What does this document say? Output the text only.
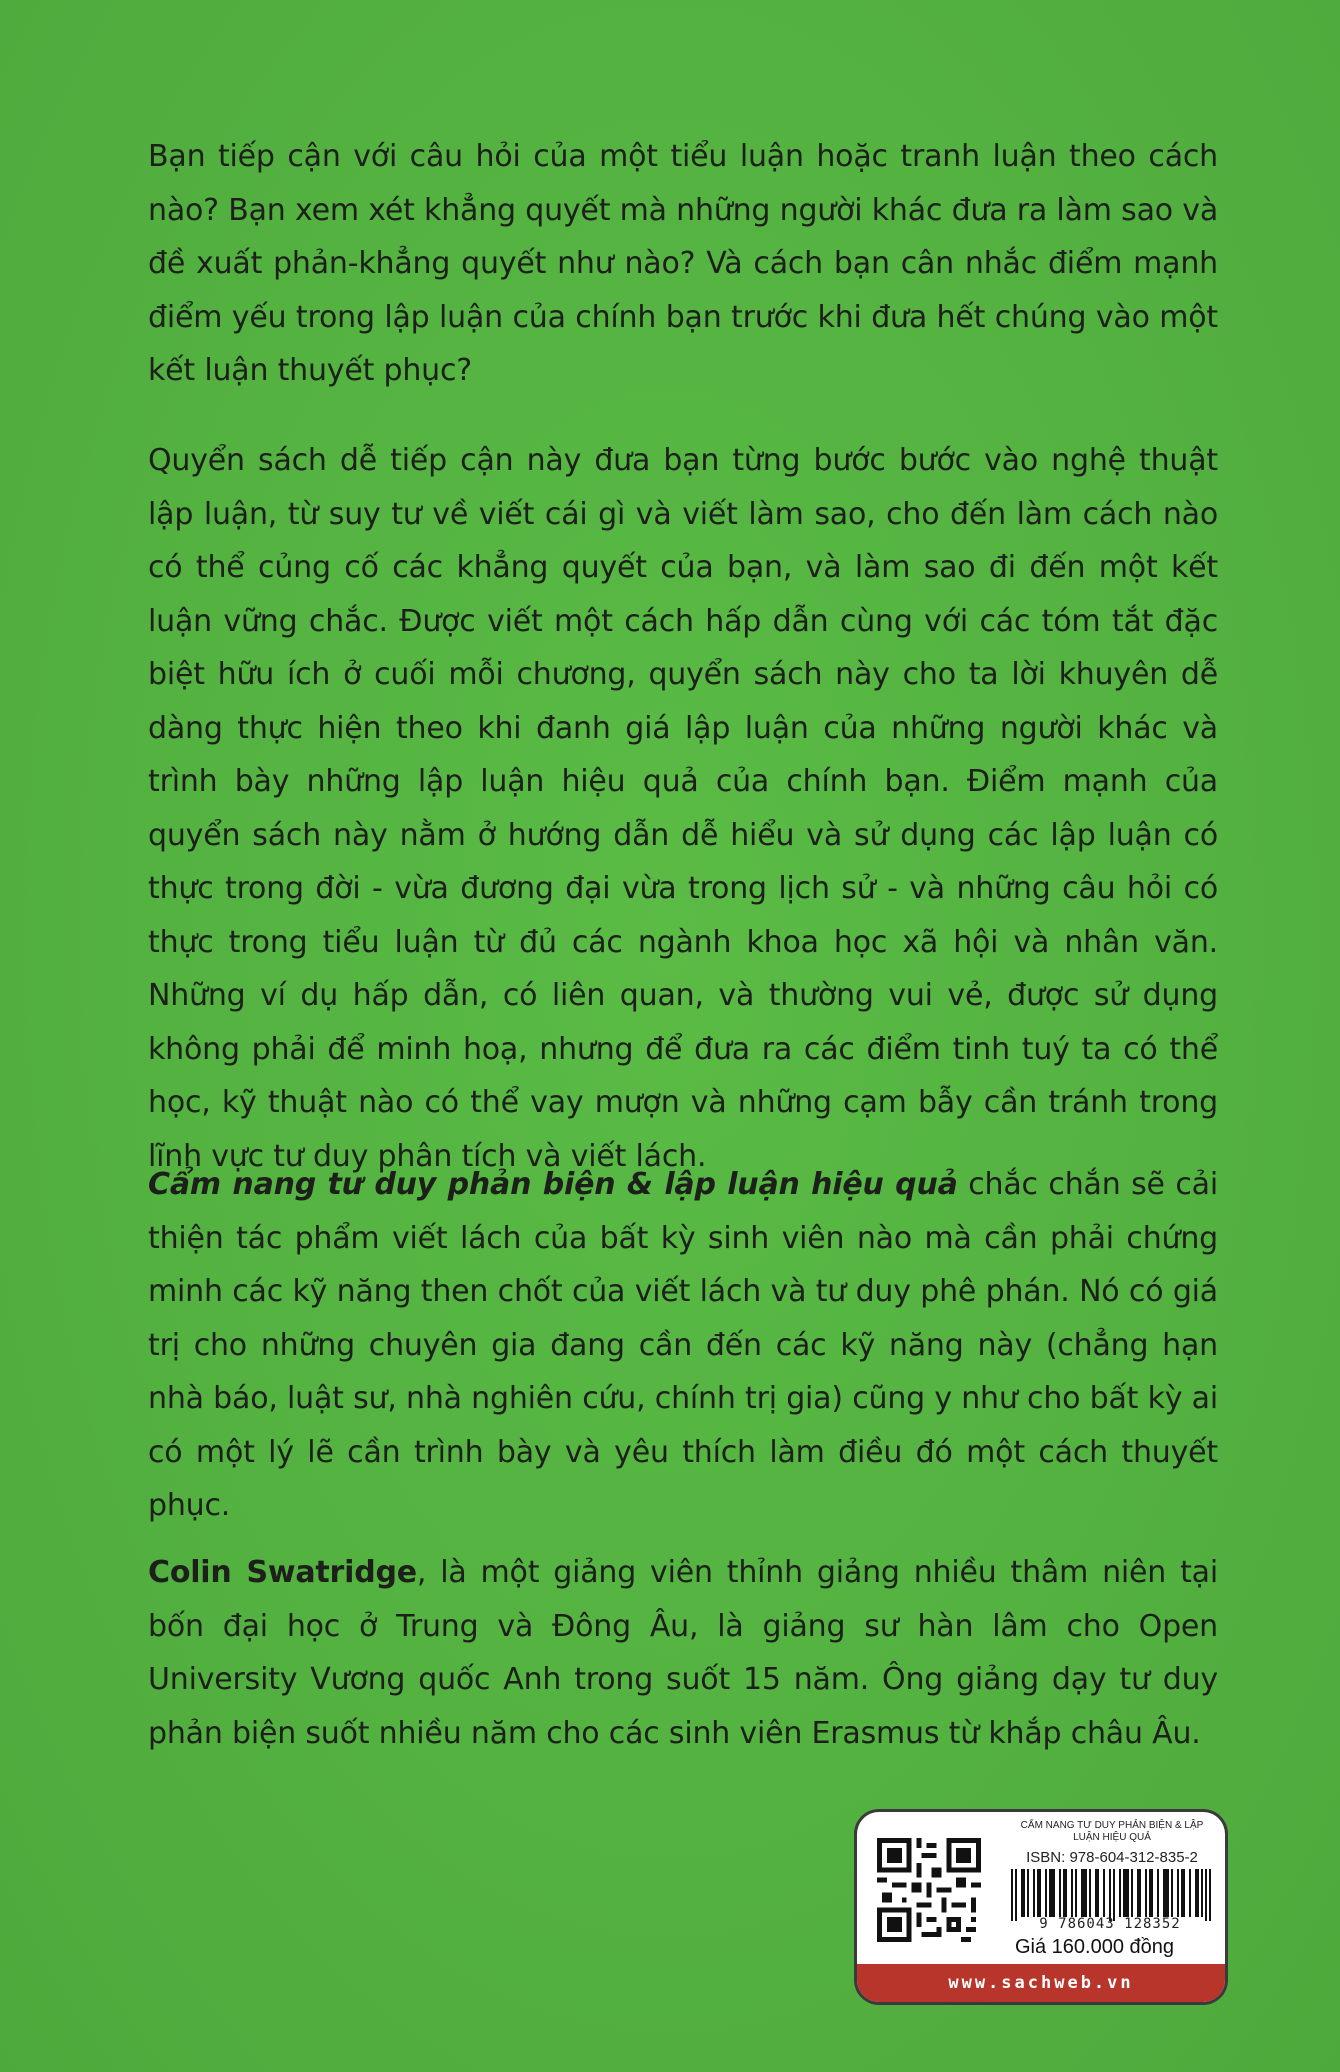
Bạn tiếp cận với câu hỏi của một tiểu luận hoặc tranh luận theo cách nào? Bạn xem xét khẳng quyết mà những người khác đưa ra làm sao và đề xuất phản-khẳng quyết như nào? Và cách bạn cân nhắc điểm mạnh điểm yếu trong lập luận của chính bạn trước khi đưa hết chúng vào một kết luận thuyết phục?

Quyển sách dễ tiếp cận này đưa bạn từng bước bước vào nghệ thuật lập luận, từ suy tư về viết cái gì và viết làm sao, cho đến làm cách nào có thể củng cố các khẳng quyết của bạn, và làm sao đi đến một kết luận vững chắc. Được viết một cách hấp dẫn cùng với các tóm tắt đặc biệt hữu ích ở cuối mỗi chương, quyển sách này cho ta lời khuyên dễ dàng thực hiện theo khi đanh giá lập luận của những người khác và trình bày những lập luận hiệu quả của chính bạn. Điểm mạnh của quyển sách này nằm ở hướng dẫn dễ hiểu và sử dụng các lập luận có thực trong đời - vừa đương đại vừa trong lịch sử - và những câu hỏi có thực trong tiểu luận từ đủ các ngành khoa học xã hội và nhân văn. Những ví dụ hấp dẫn, có liên quan, và thường vui vẻ, được sử dụng không phải để minh hoạ, nhưng để đưa ra các điểm tinh tuý ta có thể học, kỹ thuật nào có thể vay mượn và những cạm bẫy cần tránh trong lĩnh vực tư duy phân tích và viết lách.

Cẩm nang tư duy phản biện & lập luận hiệu quả chắc chắn sẽ cải thiện tác phẩm viết lách của bất kỳ sinh viên nào mà cần phải chứng minh các kỹ năng then chốt của viết lách và tư duy phê phán. Nó có giá trị cho những chuyên gia đang cần đến các kỹ năng này (chẳng hạn nhà báo, luật sư, nhà nghiên cứu, chính trị gia) cũng y như cho bất kỳ ai có một lý lẽ cần trình bày và yêu thích làm điều đó một cách thuyết phục.

Colin Swatridge, là một giảng viên thỉnh giảng nhiều thâm niên tại bốn đại học ở Trung và Đông Âu, là giảng sư hàn lâm cho Open University Vương quốc Anh trong suốt 15 năm. Ông giảng dạy tư duy phản biện suốt nhiều năm cho các sinh viên Erasmus từ khắp châu Âu.

CẨM NANG TƯ DUY PHẢN BIỆN & LẬP LUẬN HIỆU QUẢ
ISBN: 978-604-312-835-2
9 786043 128352
Giá 160.000 đồng
www.sachweb.vn
